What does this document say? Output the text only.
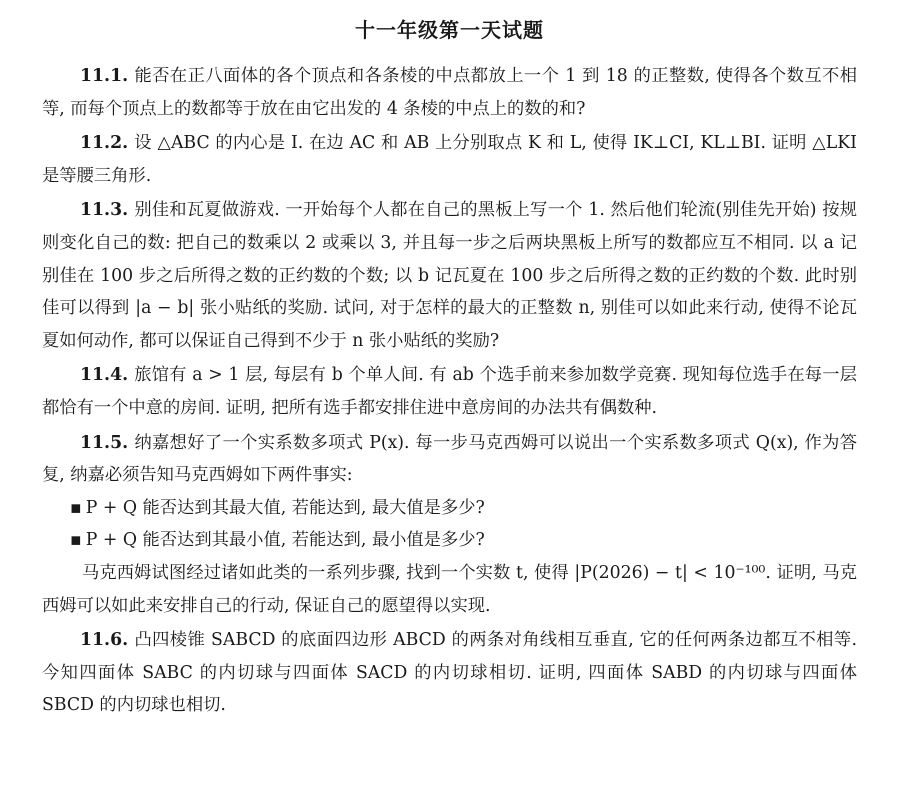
十一年级第一天试题

11.1. 能否在正八面体的各个顶点和各条棱的中点都放上一个 1 到 18 的正整数, 使得各个数互不相等, 而每个顶点上的数都等于放在由它出发的 4 条棱的中点上的数的和?

11.2. 设 △ABC 的内心是 I. 在边 AC 和 AB 上分别取点 K 和 L, 使得 IK⊥CI, KL⊥BI. 证明 △LKI 是等腰三角形.

11.3. 别佳和瓦夏做游戏. 一开始每个人都在自己的黑板上写一个 1. 然后他们轮流(别佳先开始) 按规则变化自己的数: 把自己的数乘以 2 或乘以 3, 并且每一步之后两块黑板上所写的数都应互不相同. 以 a 记别佳在 100 步之后所得之数的正约数的个数; 以 b 记瓦夏在 100 步之后所得之数的正约数的个数. 此时别佳可以得到 |a − b| 张小贴纸的奖励. 试问, 对于怎样的最大的正整数 n, 别佳可以如此来行动, 使得不论瓦夏如何动作, 都可以保证自己得到不少于 n 张小贴纸的奖励?

11.4. 旅馆有 a > 1 层, 每层有 b 个单人间. 有 ab 个选手前来参加数学竞赛. 现知每位选手在每一层都恰有一个中意的房间. 证明, 把所有选手都安排住进中意房间的办法共有偶数种.

11.5. 纳嘉想好了一个实系数多项式 P(x). 每一步马克西姆可以说出一个实系数多项式 Q(x), 作为答复, 纳嘉必须告知马克西姆如下两件事实:
▪ P + Q 能否达到其最大值, 若能达到, 最大值是多少?
▪ P + Q 能否达到其最小值, 若能达到, 最小值是多少?
马克西姆试图经过诸如此类的一系列步骤, 找到一个实数 t, 使得 |P(2026) − t| < 10⁻¹⁰⁰. 证明, 马克西姆可以如此来安排自己的行动, 保证自己的愿望得以实现.

11.6. 凸四棱锥 SABCD 的底面四边形 ABCD 的两条对角线相互垂直, 它的任何两条边都互不相等. 今知四面体 SABC 的内切球与四面体 SACD 的内切球相切. 证明, 四面体 SABD 的内切球与四面体 SBCD 的内切球也相切.
